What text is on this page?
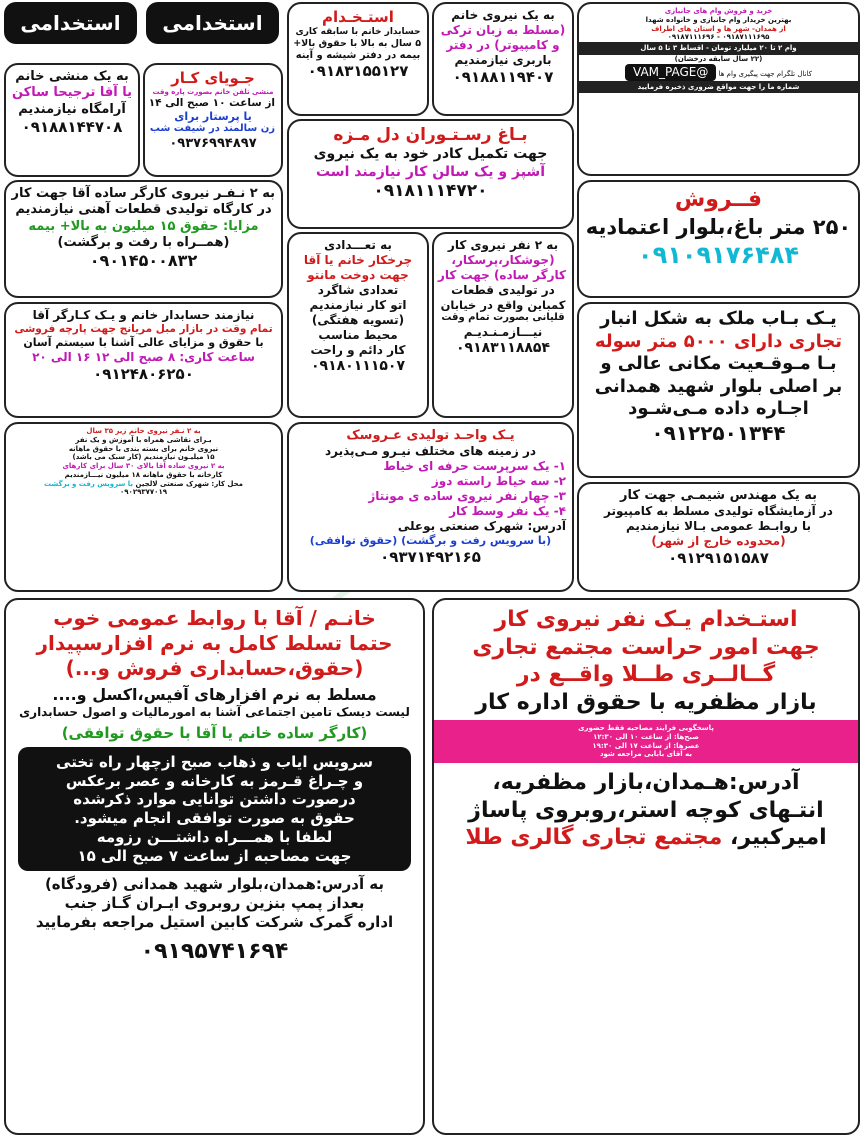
استخدامی	استخدامی	خرید و فروش وام های جانبازی
بهترین خریدار وام جانبازی و خانواده شهدا
از همدان- شهر ها و استان های اطراف
۰۹۱۸۷۱۱۱۶۹۶ - ۰۹۱۸۷۱۱۱۶۹۵
وام ۲ تا ۲۰ میلیارد تومان - اقساط ۳ تا ۵ سال
(۲۲ سال سابقه درخشان)
کانال تلگرام جهت پیگیری وام ها @VAM_PAGE
شماره ما را جهت مواقع ضروری ذخیره فرمایید
به یک نیروی خانم
(مسلط به زبان ترکی
و کامپیوتر) در دفتر
باربری نیازمندیم
۰۹۱۸۸۱۱۹۴۰۷
استـخـدام
حسابدار خانم با سابقه کاری
۵ سال به بالا با حقوق بالا+
بیمه در دفتر شیشه و آینه
۰۹۱۸۳۱۵۵۱۲۷
به یک منشی خانم
یا آقا ترجیحا ساکن
آرامگاه نیازمندیم
۰۹۱۸۸۱۴۴۷۰۸
جـویای کـار
منشی تلفن خانم بصورت پاره وقت
از ساعت ۱۰ صبح الی ۱۴
یا پرستار برای
زن سالمند در شیفت شب
۰۹۳۷۶۹۹۴۸۹۷	بـاغ رسـتـوران دل مـزه
جهت تکمیل کادر خود به یک نیروی
آشپز و یک سالن کار نیازمند است
۰۹۱۸۱۱۱۴۷۲۰	فــروش
۲۵۰ متر باغ،بلوار اعتمادیه
۰۹۱۰۹۱۷۶۴۸۴
به ۲ نـفـر نیروی کارگر ساده آقا جهت کار
در کارگاه تولیدی قطعات آهنی نیازمندیم
مزایا: حقوق ۱۵ میلیون به بالا+ بیمه
(همــراه با رفت و برگشت)
۰۹۰۱۴۵۰۰۸۳۲
به تعـــدادی
چرخکار خانم یا آقا
جهت دوخت مانتو
تعدادی شاگرد
اتو کار نیازمندیم
(تسویه هفتگی)
محیط مناسب
کار دائم و راحت
۰۹۱۸۰۱۱۱۵۰۷
به ۲ نفر نیروی کار
(جوشکار،پرسکار،
کارگر ساده) جهت کار
در تولیدی قطعات
کمباین واقع در خیابان
قلیانی بصورت تمام وقت
نیـــازمـنـدیـم
۰۹۱۸۳۱۱۸۸۵۴
یـک بـاب ملک به شکل انبار
تجاری دارای ۵۰۰۰ متر سوله
بـا مـوقـعیت مکانی عالی و
بر اصلی بلوار شهید همدانی
اجـاره داده مـی‌شـود
۰۹۱۲۲۵۰۱۳۴۴
نیازمند حسابدار خانم و یـک کـارگر آقا
تمام وقت در بازار مبل مریانج جهت پارچه فروشی
با حقوق و مزایای عالی آشنا با سیستم آسان
ساعت کاری: ۸ صبح الی ۱۲ ۱۶ الی ۲۰
۰۹۱۲۴۸۰۶۲۵۰
به ۲ نـفر نیروی خانم زیر ۳۵ سال
بـرای نقاشی همراه با آموزش و یک نفر
نیروی خانم برای بسته بندی با حقوق ماهانه
۱۵ میلیـون نیازمندیم (کار سبک می باشد)
به ۲ نیروی ساده آقا بالای ۳۰ سال برای کارهای
کارخانه با حقوق ماهانه ۱۸ میلیون نیـــازمندیم
محل کار: شهرک صنعتی لالجین با سرویس رفت و برگشت
۰۹۰۲۹۳۷۷۰۱۹
یـک واحـد تولیدی عـروسک
در زمینه های مختلف نیـرو مـی‌پذیرد
۱- یک سرپرست حرفه ای خیاط
۲- سه خیاط راسته دوز
۳- چهار نفر نیروی ساده ی مونتاژ
۴- یک نفر وسط کار
آدرس: شهرک صنعتی بوعلی
(با سرویس رفت و برگشت) (حقوق توافقی)
۰۹۳۷۱۴۹۲۱۶۵
به یک مهندس شیمـی جهت کار
در آزمایشگاه تولیدی مسلط به کامپیوتر
با روابـط عمومی بـالا نیازمندیم
(محدوده خارج از شهر)
۰۹۱۲۹۱۵۱۵۸۷
خانـم / آقا با روابط عمومی خوب
حتما تسلط کامل به نرم افزارسپیدار
(حقوق،حسابداری فروش و...)
مسلط به نرم افزارهای آفیس،اکسل و....
لیست دیسک تامین اجتماعی آشنا به امورمالیات و اصول حسابداری
(کارگر ساده خانم یا آقا با حقوق توافقی)
سرویس ایاب و ذهاب صبح ازچهار راه تختی
و چـراغ قـرمز به کارخانه و عصر برعکس
درصورت داشتن توانایی موارد ذکرشده
حقوق به صورت توافقی انجام میشود.
لطفا با همـــراه داشتـــن رزومه
جهت مصاحبه از ساعت ۷ صبح الی ۱۵
به آدرس:همدان،بلوار شهید همدانی (فرودگاه)
بعداز پمپ بنزین روبروی ایـران گـاز جنب
اداره گمرک شرکت کابین استیل مراجعه بفرمایید
۰۹۱۹۵۷۴۱۶۹۴
استـخدام یـک نفر نیروی کار
جهت امور حراست مجتمع تجاری
گــالــری طــلا واقــع در
بازار مظفریه با حقوق اداره کار
پاسخگویی فرایند مصاحبه فقط حضوری
صبح‌ها: از ساعت ۱۰ الی ۱۲:۳۰
عصرها: از ساعت ۱۷ الی ۱۹:۳۰
به آقای بابایی مراجعه شود
آدرس:هـمدان،بازار مظفریه،
انتـهای کوچه استر،روبروی پاساژ
امیرکبیر، مجتمع تجاری گالری طلا
